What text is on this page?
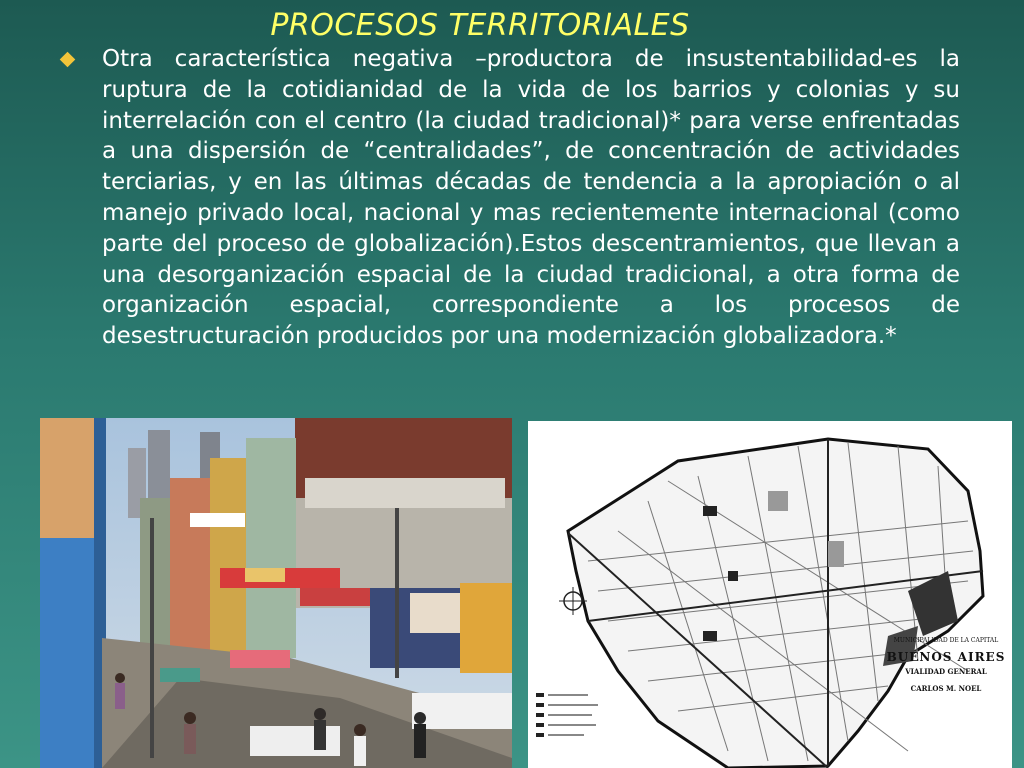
PROCESOS TERRITORIALES
Otra característica negativa –productora de insustentabilidad-es la ruptura de la cotidianidad de la vida de los barrios y colonias y su interrelación con el centro (la ciudad tradicional)* para verse enfrentadas a una dispersión de “centralidades”, de concentración de actividades terciarias, y en las últimas décadas de tendencia a la apropiación o al manejo privado local, nacional y mas recientemente internacional (como parte del proceso de globalización).Estos descentramientos, que llevan a una desorganización espacial de la ciudad tradicional, a otra forma de organización espacial, correspondiente a los procesos de desestructuración producidos por una modernización globalizadora.*
MUNICIPALIDAD DE LA CAPITAL
BUENOS AIRES
VIALIDAD GENERAL
CARLOS M. NOEL
